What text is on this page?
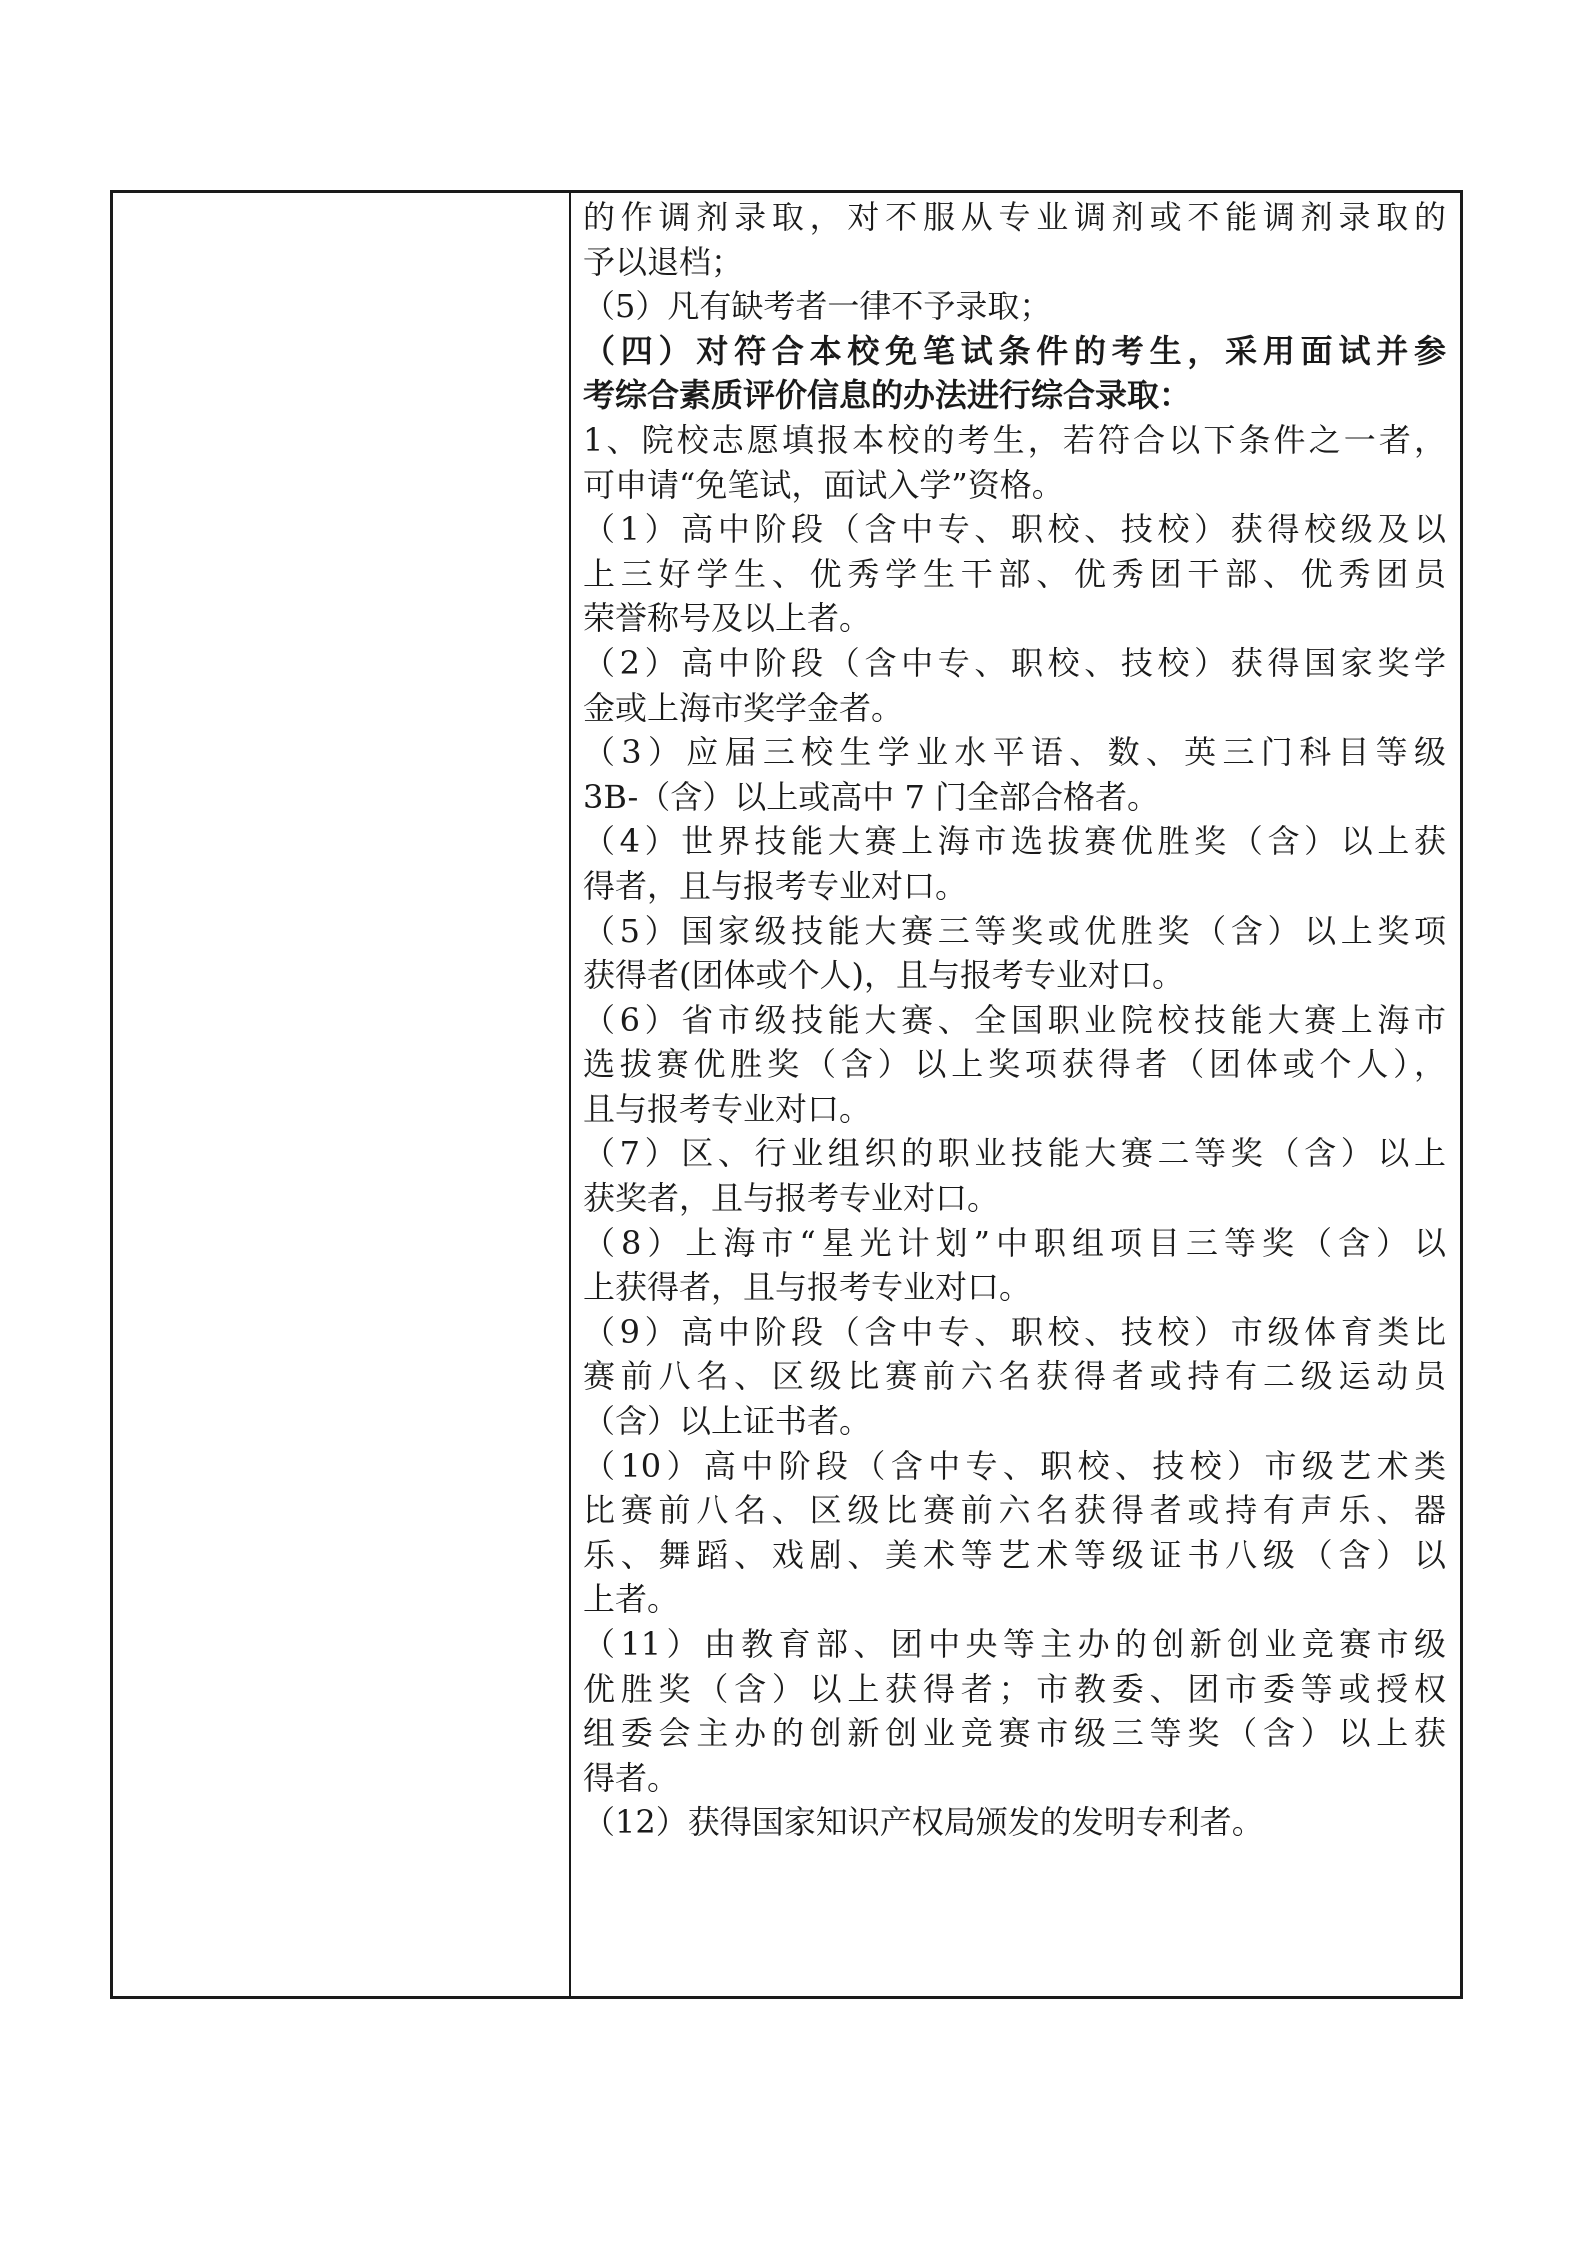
的作调剂录取，对不服从专业调剂或不能调剂录取的
予以退档；
（5）凡有缺考者一律不予录取；
（四）对符合本校免笔试条件的考生，采用面试并参
考综合素质评价信息的办法进行综合录取：
1、院校志愿填报本校的考生，若符合以下条件之一者，
可申请“免笔试，面试入学”资格。
（1）高中阶段（含中专、职校、技校）获得校级及以
上三好学生、优秀学生干部、优秀团干部、优秀团员
荣誉称号及以上者。
（2）高中阶段（含中专、职校、技校）获得国家奖学
金或上海市奖学金者。
（3）应届三校生学业水平语、数、英三门科目等级
3B-（含）以上或高中 7 门全部合格者。
（4）世界技能大赛上海市选拔赛优胜奖（含）以上获
得者，且与报考专业对口。
（5）国家级技能大赛三等奖或优胜奖（含）以上奖项
获得者(团体或个人)，且与报考专业对口。
（6）省市级技能大赛、全国职业院校技能大赛上海市
选拔赛优胜奖（含）以上奖项获得者（团体或个人），
且与报考专业对口。
（7）区、行业组织的职业技能大赛二等奖（含）以上
获奖者，且与报考专业对口。
（8）上海市“星光计划”中职组项目三等奖（含）以
上获得者，且与报考专业对口。
（9）高中阶段（含中专、职校、技校）市级体育类比
赛前八名、区级比赛前六名获得者或持有二级运动员
（含）以上证书者。
（10）高中阶段（含中专、职校、技校）市级艺术类
比赛前八名、区级比赛前六名获得者或持有声乐、器
乐、舞蹈、戏剧、美术等艺术等级证书八级（含）以
上者。
（11）由教育部、团中央等主办的创新创业竞赛市级
优胜奖（含）以上获得者；市教委、团市委等或授权
组委会主办的创新创业竞赛市级三等奖（含）以上获
得者。
（12）获得国家知识产权局颁发的发明专利者。
